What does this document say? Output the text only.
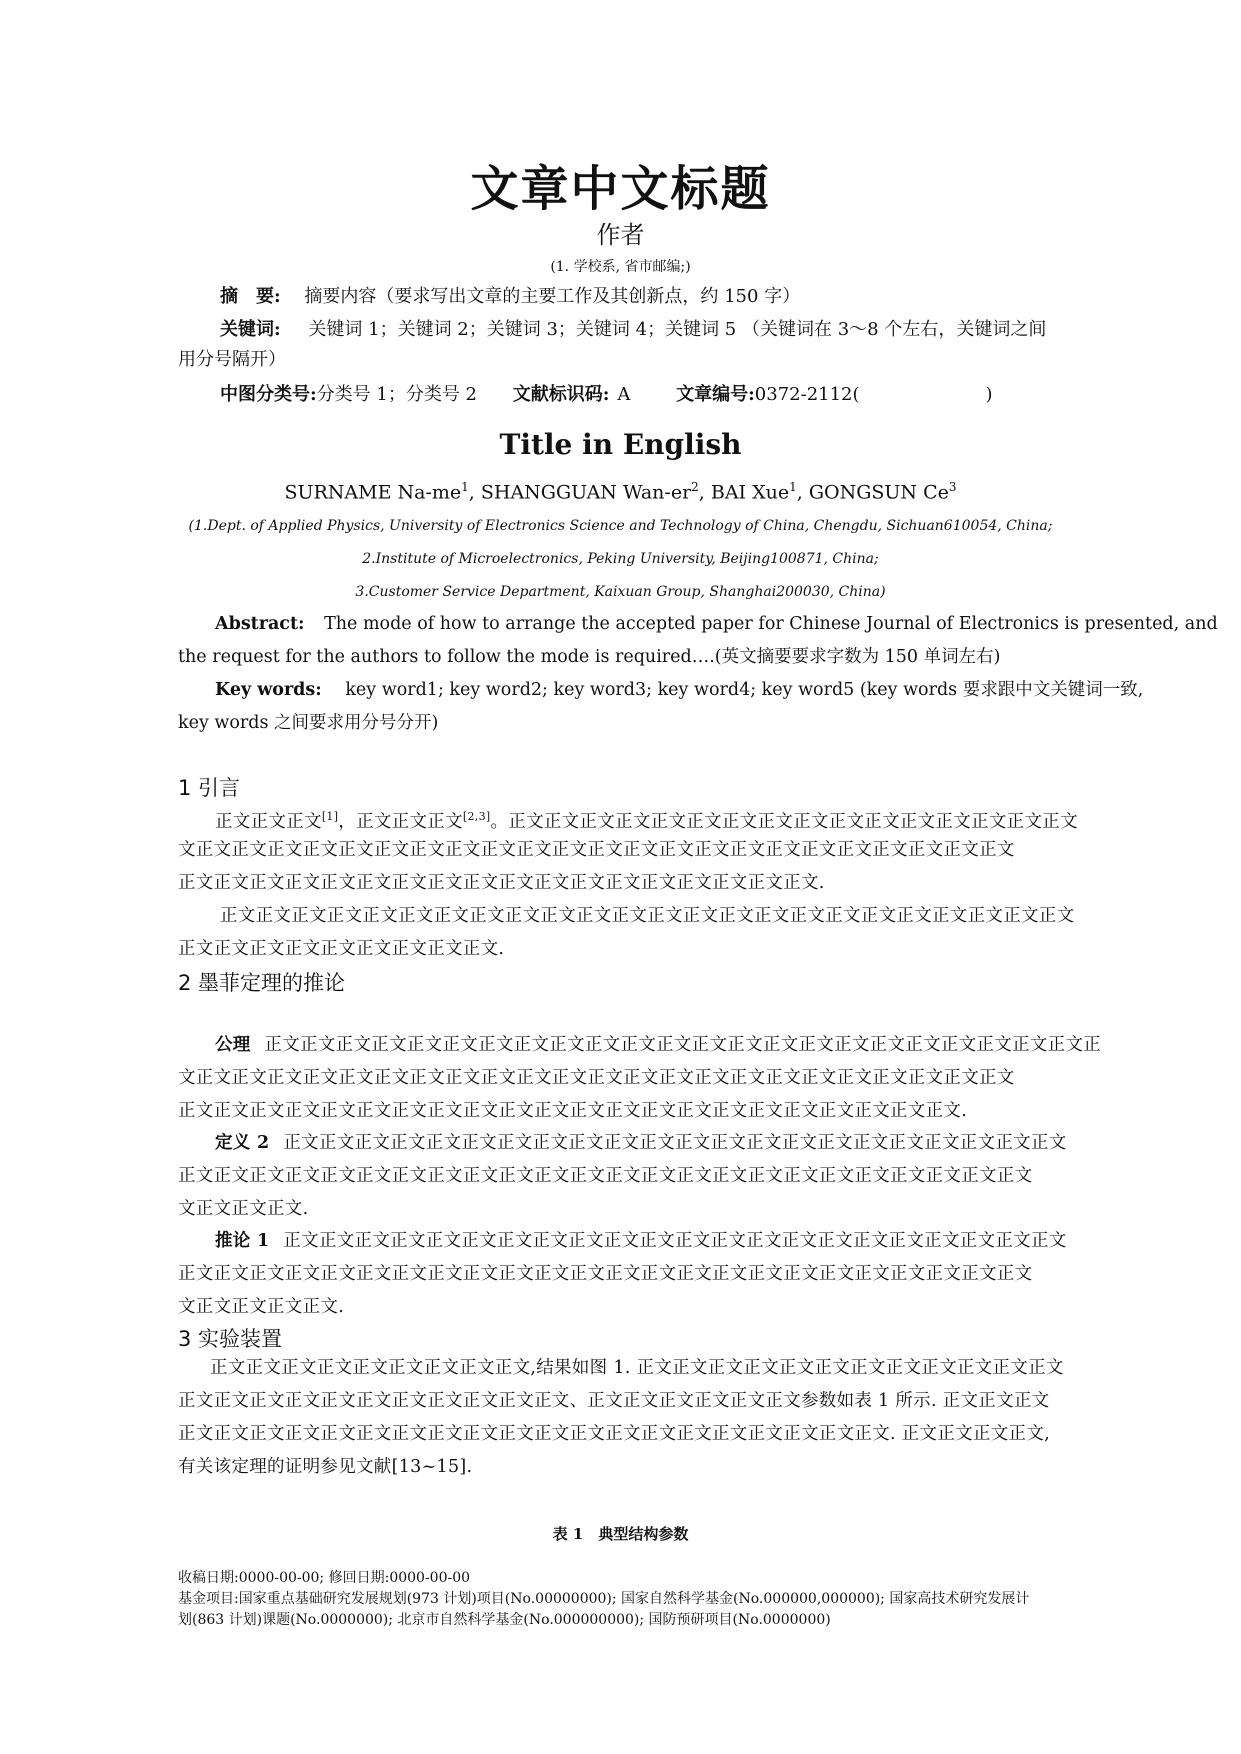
文章中文标题
作者
(1. 学校系, 省市邮编;)
摘　要: 摘要内容（要求写出文章的主要工作及其创新点，约 150 字）
关键词: 关键词 1；关键词 2；关键词 3；关键词 4；关键词 5 （关键词在 3～8 个左右，关键词之间
用分号隔开）
中图分类号:分类号 1；分类号 2 文献标识码: A	文章编号:0372-2112(　　　　　　　)
Title in English
SURNAME $Na-me^1$, SHANGGUAN Wan-$er^2$, BAI Xue$^1$, GONGSUN Ce$^3$
(1.Dept. of Applied Physics, University of Electronics Science and Technology of China, Chengdu, Sichuan610054, China;
2.Institute of Microelectronics, Peking University, Beijing100871, China;
3.Customer Service Department, Kaixuan Group, Shanghai200030, China)
Abstract: The mode of how to arrange the accepted paper for Chinese Journal of Electronics is presented, and
the request for the authors to follow the mode is required….(英文摘要要求字数为 150 单词左右)
Key words: key word1; key word2; key word3; key word4; key word5 (key words 要求跟中文关键词一致,
key words 之间要求用分号分开)
1 引言
正文正文正文[1]，正文正文正文[2,3]。正文正文正文正文正文正文正文正文正文正文正文正文正文正文正文正文
文正文正文正文正文正文正文正文正文正文正文正文正文正文正文正文正文正文正文正文正文正文正文正文
正文正文正文正文正文正文正文正文正文正文正文正文正文正文正文正文正文正文.
正文正文正文正文正文正文正文正文正文正文正文正文正文正文正文正文正文正文正文正文正文正文正文正文
正文正文正文正文正文正文正文正文正文.
2 墨菲定理的推论
公理 正文正文正文正文正文正文正文正文正文正文正文正文正文正文正文正文正文正文正文正文正文正文正文正
文正文正文正文正文正文正文正文正文正文正文正文正文正文正文正文正文正文正文正文正文正文正文正文
正文正文正文正文正文正文正文正文正文正文正文正文正文正文正文正文正文正文正文正文正文正文.
定义 2 正文正文正文正文正文正文正文正文正文正文正文正文正文正文正文正文正文正文正文正文正文正文
正文正文正文正文正文正文正文正文正文正文正文正文正文正文正文正文正文正文正文正文正文正文正文正文
文正文正文正文.
推论 1 正文正文正文正文正文正文正文正文正文正文正文正文正文正文正文正文正文正文正文正文正文正文
正文正文正文正文正文正文正文正文正文正文正文正文正文正文正文正文正文正文正文正文正文正文正文正文
文正文正文正文正文.
3 实验装置
正文正文正文正文正文正文正文正文正文,结果如图 1. 正文正文正文正文正文正文正文正文正文正文正文正文
正文正文正文正文正文正文正文正文正文正文正文、正文正文正文正文正文正文参数如表 1 所示. 正文正文正文
正文正文正文正文正文正文正文正文正文正文正文正文正文正文正文正文正文正文正文正文. 正文正文正文正文,
有关该定理的证明参见文献[13~15].
表 1　典型结构参数
收稿日期:0000-00-00; 修回日期:0000-00-00
基金项目:国家重点基础研究发展规划(973 计划)项目(No.00000000); 国家自然科学基金(No.000000,000000); 国家高技术研究发展计
划(863 计划)课题(No.0000000); 北京市自然科学基金(No.000000000); 国防预研项目(No.0000000)
